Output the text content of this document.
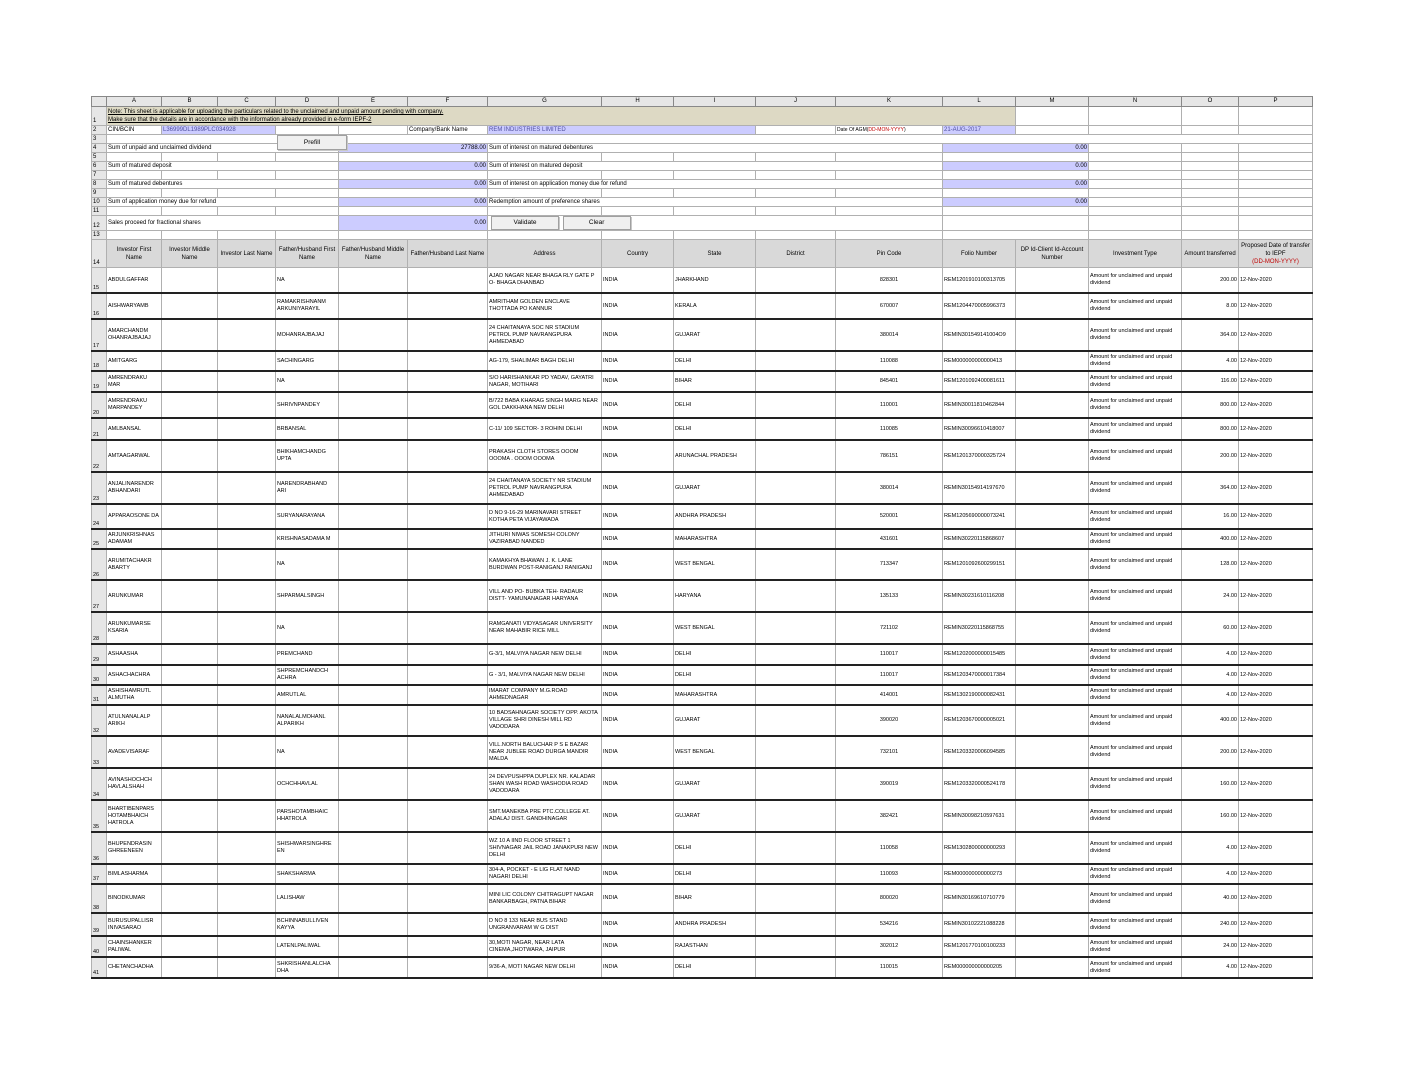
	A	B	C	D	E	F	G	H	I	J	K	L	M	N	O	P	
1	Note: This sheet is applicable for uploading the particulars related to the unclaimed and unpaid amount pending with company.
Make sure that the details are in accordance with the information already provided in e-form IEPF-2																
2	CIN/BCIN	L36999DL1989PLC034928				Company/Bank Name	REM INDUSTRIES LIMITED				Date Of AGM(DD-MON-YYYY)	21-AUG-2017					
3																	
4	Sum of unpaid and unclaimed dividend				27788.00		Sum of interest on matured debentures					0.00					
5																	
6	Sum of matured deposit				0.00		Sum of interest on matured deposit					0.00					
7																	
8	Sum of matured debentures				0.00		Sum of interest on application money due for refund					0.00					
9																	
10	Sum of application money due for refund				0.00		Redemption amount of preference shares					0.00					
11																	
12	Sales proceed for fractional shares				0.00		Validate Clear										
13																	
14	Investor First Name	Investor Middle Name	Investor Last Name	Father/Husband First Name	Father/Husband Middle Name	Father/Husband Last Name	Address	Country	State	District	Pin Code	Folio Number	DP Id-Client Id-Account Number	Investment Type	Amount transferred	Proposed Date of transfer to IEPF
(DD-MON-YYYY)	

15	ABDULGAFFAR			NA			AJAD NAGAR NEAR BHAGA RLY GATE P O- BHAGA DHANBAD	INDIA	JHARKHAND		828301	REM1201910100313705		Amount for unclaimed and unpaid dividend	200.00	12-Nov-2020	
16	AISHWARYAMB			RAMAKRISHNANM ARKUNIYARAYIL			AMRITHAM GOLDEN ENCLAVE THOTTADA PO KANNUR	INDIA	KERALA		670007	REM1204470005996373		Amount for unclaimed and unpaid dividend	8.00	12-Nov-2020	
17	AMARCHANDM OHANRAJBAJAJ			MOHANRAJBAJAJ			24 CHAITANAYA SOC NR STADIUM PETROL PUMP NAVRANGPURA AHMEDABAD	INDIA	GUJARAT		380014	REMIN301549141004O9		Amount for unclaimed and unpaid dividend	364.00	12-Nov-2020	
18	AMITGARG			SACHINGARG			AG-179, SHALIMAR BAGH DELHI	INDIA	DELHI		110088	REM000000000000413		Amount for unclaimed and unpaid dividend	4.00	12-Nov-2020	
19	AMRENDRAKU MAR			NA			S/O HARISHANKAR PD YADAV, GAYATRI NAGAR, MOTIHARI	INDIA	BIHAR		845401	REM1201092400081611		Amount for unclaimed and unpaid dividend	116.00	12-Nov-2020	
20	AMRENDRAKU MARPANDEY			SHRIVNPANDEY			B/722 BABA KHARAG SINGH MARG NEAR GOL DAKKHANA NEW DELHI	INDIA	DELHI		110001	REMIN30011810462844		Amount for unclaimed and unpaid dividend	800.00	12-Nov-2020	
21	AMLBANSAL			BRBANSAL			C-11/ 109 SECTOR- 3 ROHINI DELHI	INDIA	DELHI		110085	REMIN30096610418007		Amount for unclaimed and unpaid dividend	800.00	12-Nov-2020	
22	AMTAAGARWAL			BHIKHAMCHANDG UPTA			PRAKASH CLOTH STORES OOOM OOOMA . OOOM OOOMA	INDIA	ARUNACHAL PRADESH		786151	REM1201370000325724		Amount for unclaimed and unpaid dividend	200.00	12-Nov-2020	
23	ANJALINARENDR ABHANDARI			NARENDRABHAND ARI			24 CHAITANAYA SOCIETY NR STADIUM PETROL PUMP NAVRANGPURA AHMEDABAD	INDIA	GUJARAT		380014	REMIN30154914197670		Amount for unclaimed and unpaid dividend	364.00	12-Nov-2020	
24	APPARAOSONE DA			SURYANARAYANA			D NO 9-16-29 MARINAVARI STREET KOTHA PETA VIJAYAWADA	INDIA	ANDHRA PRADESH		520001	REM1205690000073241		Amount for unclaimed and unpaid dividend	16.00	12-Nov-2020	
25	ARJUNKRISHNAS ADAMAM			KRISHNASADAMA M			JITHURI NIWAS SOMESH COLONY VAZIRABAD NANDED	INDIA	MAHARASHTRA		431601	REMIN30220115868607		Amount for unclaimed and unpaid dividend	400.00	12-Nov-2020	
26	ARUMITACHAKR ABARTY			NA			KAMAKHYA BHAWAN J. K. LANE BURDWAN POST-RANIGANJ RANIGANJ	INDIA	WEST BENGAL		713347	REM1201092600299151		Amount for unclaimed and unpaid dividend	128.00	12-Nov-2020	
27	ARUNKUMAR			SHPARMALSINGH			VILL AND PO- BUBKA TEH- RADAUR DISTT- YAMUNANAGAR HARYANA	INDIA	HARYANA		135133	REMIN30231610116208		Amount for unclaimed and unpaid dividend	24.00	12-Nov-2020	
28	ARUNKUMARSE KSARIA			NA			RAMGANATI VIDYASAGAR UNIVERSITY NEAR MAHABIR RICE MILL	INDIA	WEST BENGAL		721102	REMIN30220115868755		Amount for unclaimed and unpaid dividend	60.00	12-Nov-2020	
29	ASHAASHA			PREMCHAND			G-3/1, MALVIYA NAGAR NEW DELHI	INDIA	DELHI		110017	REM1202000000015485		Amount for unclaimed and unpaid dividend	4.00	12-Nov-2020	
30	ASHACHACHRA			SHPREMCHANDCH ACHRA			G - 3/1, MALVIYA NAGAR NEW DELHI	INDIA	DELHI		110017	REM1203470000017384		Amount for unclaimed and unpaid dividend	4.00	12-Nov-2020	
31	ASHISHAMRUTL ALMUTHA			AMRUTLAL			IMARAT COMPANY M.G.ROAD AHMEDNAGAR	INDIA	MAHARASHTRA		414001	REM1302190000082431		Amount for unclaimed and unpaid dividend	4.00	12-Nov-2020	
32	ATULNANALALP ARIKH			NANALALMOHANL ALPARIKH			10 BADSAHNAGAR SOCIETY OPP. AKOTA VILLAGE SHRI DINESH MILL RD VADODARA	INDIA	GUJARAT		390020	REM1203670000005021		Amount for unclaimed and unpaid dividend	400.00	12-Nov-2020	
33	AVADEVISARAF			NA			VILL.NORTH BALUCHAR P S E BAZAR NEAR JUBLEE ROAD DURGA MANDIR MALDA	INDIA	WEST BENGAL		732101	REM1203320006094585		Amount for unclaimed and unpaid dividend	200.00	12-Nov-2020	
34	AVINASHOCHCH HAVLALSHAH			OCHCHHAVLAL			24 DEVPUSHPPA DUPLEX NR. KALADAR SHAN WASH ROAD WASHODIA ROAD VADODARA	INDIA	GUJARAT		390019	REM1203320000524178		Amount for unclaimed and unpaid dividend	160.00	12-Nov-2020	
35	BHARTIBENPARS HOTAMBHAICH HATROLA			PARSHOTAMBHAIC HHATROLA			SMT.MANEKBA PRE PTC.COLLEGE AT. ADALAJ DIST. GANDHINAGAR	INDIA	GUJARAT		382421	REMIN30098210597631		Amount for unclaimed and unpaid dividend	160.00	12-Nov-2020	
36	BHUPENDRASIN GHREENEEN			SHISHWARSINGHRE EN			WZ 10 A IIND FLOOR STREET 1 SHIVNAGAR JAIL ROAD JANAKPURI NEW DELHI	INDIA	DELHI		110058	REM1302800000000293		Amount for unclaimed and unpaid dividend	4.00	12-Nov-2020	
37	BIMLASHARMA			SHAKSHARMA			304-A, POCKET - E LIG FLAT NAND NAGARI DELHI	INDIA	DELHI		110093	REM000000000000273		Amount for unclaimed and unpaid dividend	4.00	12-Nov-2020	
38	BINODKUMAR			LALISHAW			MINI LIC COLONY CHITRAGUPT NAGAR BANKARBAGH, PATNA BIHAR	INDIA	BIHAR		800020	REMIN30169610710779		Amount for unclaimed and unpaid dividend	40.00	12-Nov-2020	
39	BURUSUPALLISR INIVASARAO			BCHINNABULLIVEN KAYYA			D NO 8 133 NEAR BUS STAND UNGRANVARAM W G DIST	INDIA	ANDHRA PRADESH		534216	REMIN30102221088228		Amount for unclaimed and unpaid dividend	240.00	12-Nov-2020	
40	CHAINSHANKER PALIWAL			LATENLPALIWAL			30,MOTI NAGAR, NEAR LATA CINEMA,JHOTWARA, JAIPUR	INDIA	RAJASTHAN		302012	REM1201770100100233		Amount for unclaimed and unpaid dividend	24.00	12-Nov-2020	
41	CHETANCHADHA			SHKRISHANLALCHA DHA			9/36-A, MOTI NAGAR NEW DELHI	INDIA	DELHI		110015	REM000000000000205		Amount for unclaimed and unpaid dividend	4.00	12-Nov-2020	
Prefill
